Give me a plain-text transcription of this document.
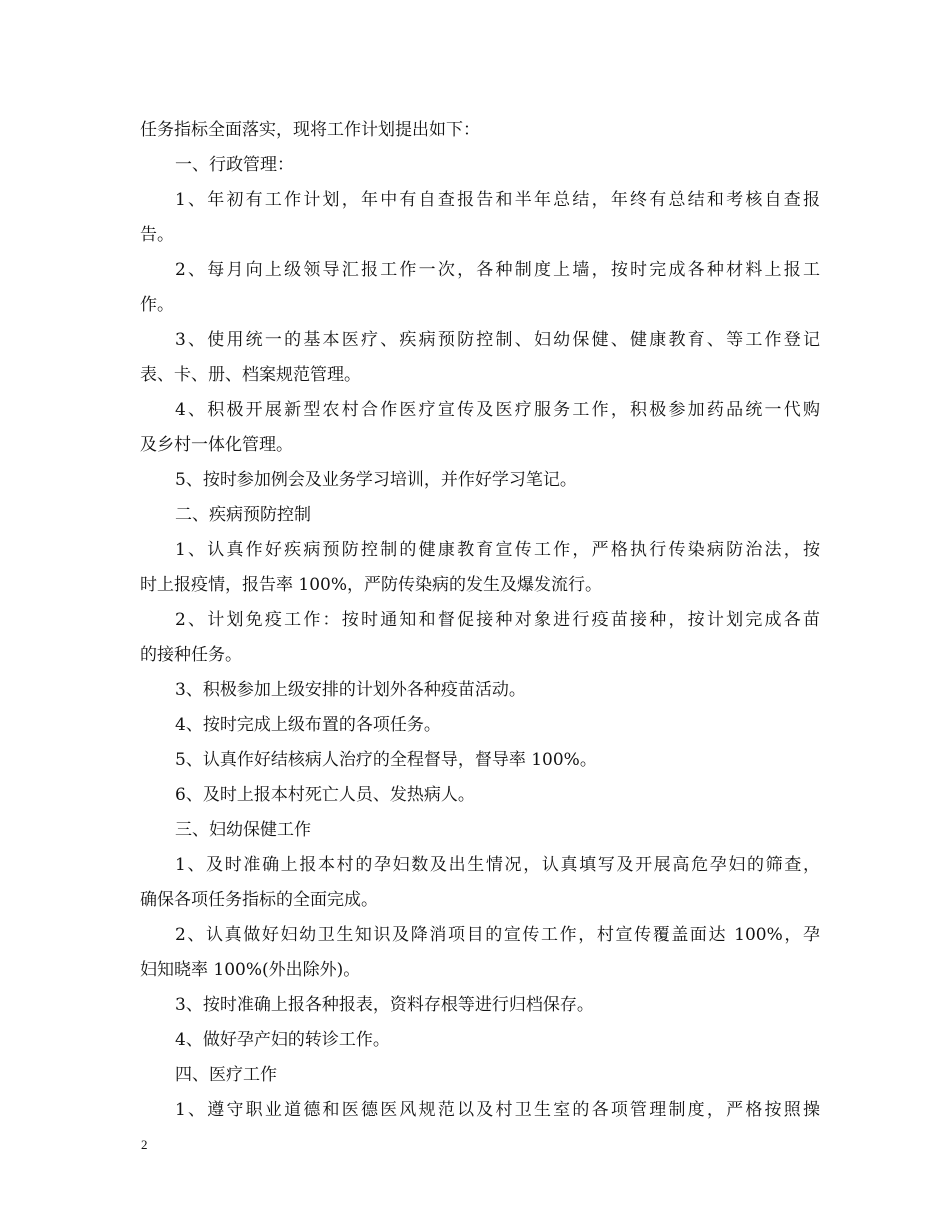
任务指标全面落实，现将工作计划提出如下：
一、行政管理：
1、年初有工作计划，年中有自查报告和半年总结，年终有总结和考核自查报
告。
2、每月向上级领导汇报工作一次，各种制度上墙，按时完成各种材料上报工
作。
3、使用统一的基本医疗、疾病预防控制、妇幼保健、健康教育、等工作登记
表、卡、册、档案规范管理。
4、积极开展新型农村合作医疗宣传及医疗服务工作，积极参加药品统一代购
及乡村一体化管理。
5、按时参加例会及业务学习培训，并作好学习笔记。
二、疾病预防控制
1、认真作好疾病预防控制的健康教育宣传工作，严格执行传染病防治法，按
时上报疫情，报告率 100%，严防传染病的发生及爆发流行。
2、计划免疫工作：按时通知和督促接种对象进行疫苗接种，按计划完成各苗
的接种任务。
3、积极参加上级安排的计划外各种疫苗活动。
4、按时完成上级布置的各项任务。
5、认真作好结核病人治疗的全程督导，督导率 100%。
6、及时上报本村死亡人员、发热病人。
三、妇幼保健工作
1、及时准确上报本村的孕妇数及出生情况，认真填写及开展高危孕妇的筛查，
确保各项任务指标的全面完成。
2、认真做好妇幼卫生知识及降消项目的宣传工作，村宣传覆盖面达 100%，孕
妇知晓率 100%(外出除外)。
3、按时准确上报各种报表，资料存根等进行归档保存。
4、做好孕产妇的转诊工作。
四、医疗工作
1、遵守职业道德和医德医风规范以及村卫生室的各项管理制度，严格按照操
2
